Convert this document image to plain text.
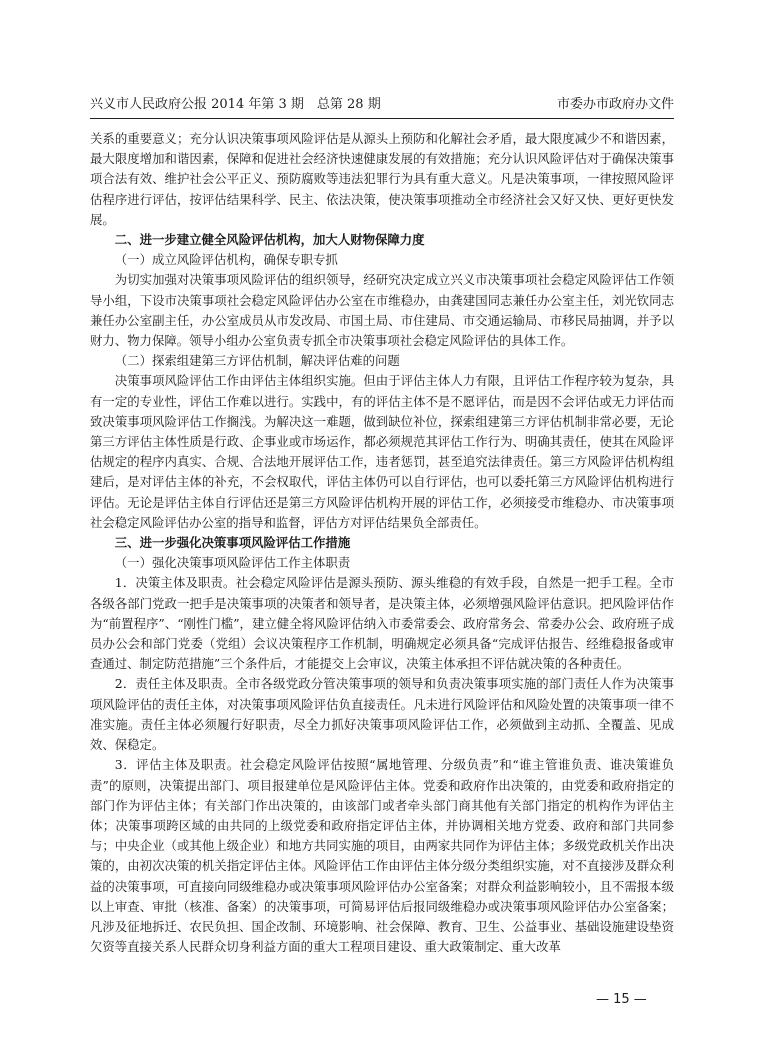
兴义市人民政府公报 2014 年第 3 期　总第 28 期	市委办市政府办文件

关系的重要意义；充分认识决策事项风险评估是从源头上预防和化解社会矛盾，最大限度减少不和谐因素，最大限度增加和谐因素，保障和促进社会经济快速健康发展的有效措施；充分认识风险评估对于确保决策事项合法有效、维护社会公平正义、预防腐败等违法犯罪行为具有重大意义。凡是决策事项，一律按照风险评估程序进行评估，按评估结果科学、民主、依法决策，使决策事项推动全市经济社会又好又快、更好更快发展。

二、进一步建立健全风险评估机构，加大人财物保障力度

（一）成立风险评估机构，确保专职专抓

为切实加强对决策事项风险评估的组织领导，经研究决定成立兴义市决策事项社会稳定风险评估工作领导小组，下设市决策事项社会稳定风险评估办公室在市维稳办，由龚建国同志兼任办公室主任，刘光钦同志兼任办公室副主任，办公室成员从市发改局、市国土局、市住建局、市交通运输局、市移民局抽调，并予以财力、物力保障。领导小组办公室负责专抓全市决策事项社会稳定风险评估的具体工作。

（二）探索组建第三方评估机制，解决评估难的问题

决策事项风险评估工作由评估主体组织实施。但由于评估主体人力有限，且评估工作程序较为复杂，具有一定的专业性，评估工作难以进行。实践中，有的评估主体不是不愿评估，而是因不会评估或无力评估而致决策事项风险评估工作搁浅。为解决这一难题，做到缺位补位，探索组建第三方评估机制非常必要，无论第三方评估主体性质是行政、企事业或市场运作，都必须规范其评估工作行为、明确其责任，使其在风险评估规定的程序内真实、合规、合法地开展评估工作，违者惩罚，甚至追究法律责任。第三方风险评估机构组建后，是对评估主体的补充，不会权取代，评估主体仍可以自行评估，也可以委托第三方风险评估机构进行评估。无论是评估主体自行评估还是第三方风险评估机构开展的评估工作，必须接受市维稳办、市决策事项社会稳定风险评估办公室的指导和监督，评估方对评估结果负全部责任。

三、进一步强化决策事项风险评估工作措施

（一）强化决策事项风险评估工作主体职责

1．决策主体及职责。社会稳定风险评估是源头预防、源头维稳的有效手段，自然是一把手工程。全市各级各部门党政一把手是决策事项的决策者和领导者，是决策主体，必须增强风险评估意识。把风险评估作为“前置程序”、“刚性门槛”，建立健全将风险评估纳入市委常委会、政府常务会、常委办公会、政府班子成员办公会和部门党委（党组）会议决策程序工作机制，明确规定必须具备“完成评估报告、经维稳报备或审查通过、制定防范措施”三个条件后，才能提交上会审议，决策主体承担不评估就决策的各种责任。

2．责任主体及职责。全市各级党政分管决策事项的领导和负责决策事项实施的部门责任人作为决策事项风险评估的责任主体，对决策事项风险评估负直接责任。凡未进行风险评估和风险处置的决策事项一律不准实施。责任主体必须履行好职责，尽全力抓好决策事项风险评估工作，必须做到主动抓、全覆盖、见成效、保稳定。

3．评估主体及职责。社会稳定风险评估按照“属地管理、分级负责”和“谁主管谁负责、谁决策谁负责”的原则，决策提出部门、项目报建单位是风险评估主体。党委和政府作出决策的，由党委和政府指定的部门作为评估主体；有关部门作出决策的，由该部门或者牵头部门商其他有关部门指定的机构作为评估主体；决策事项跨区域的由共同的上级党委和政府指定评估主体，并协调相关地方党委、政府和部门共同参与；中央企业（或其他上级企业）和地方共同实施的项目，由两家共同作为评估主体；多级党政机关作出决策的，由初次决策的机关指定评估主体。风险评估工作由评估主体分级分类组织实施，对不直接涉及群众利益的决策事项，可直接向同级维稳办或决策事项风险评估办公室备案；对群众利益影响较小，且不需报本级以上审查、审批（核准、备案）的决策事项，可简易评估后报同级维稳办或决策事项风险评估办公室备案；凡涉及征地拆迁、农民负担、国企改制、环境影响、社会保障、教育、卫生、公益事业、基础设施建设垫资欠资等直接关系人民群众切身利益方面的重大工程项目建设、重大政策制定、重大改革

— 15 —
